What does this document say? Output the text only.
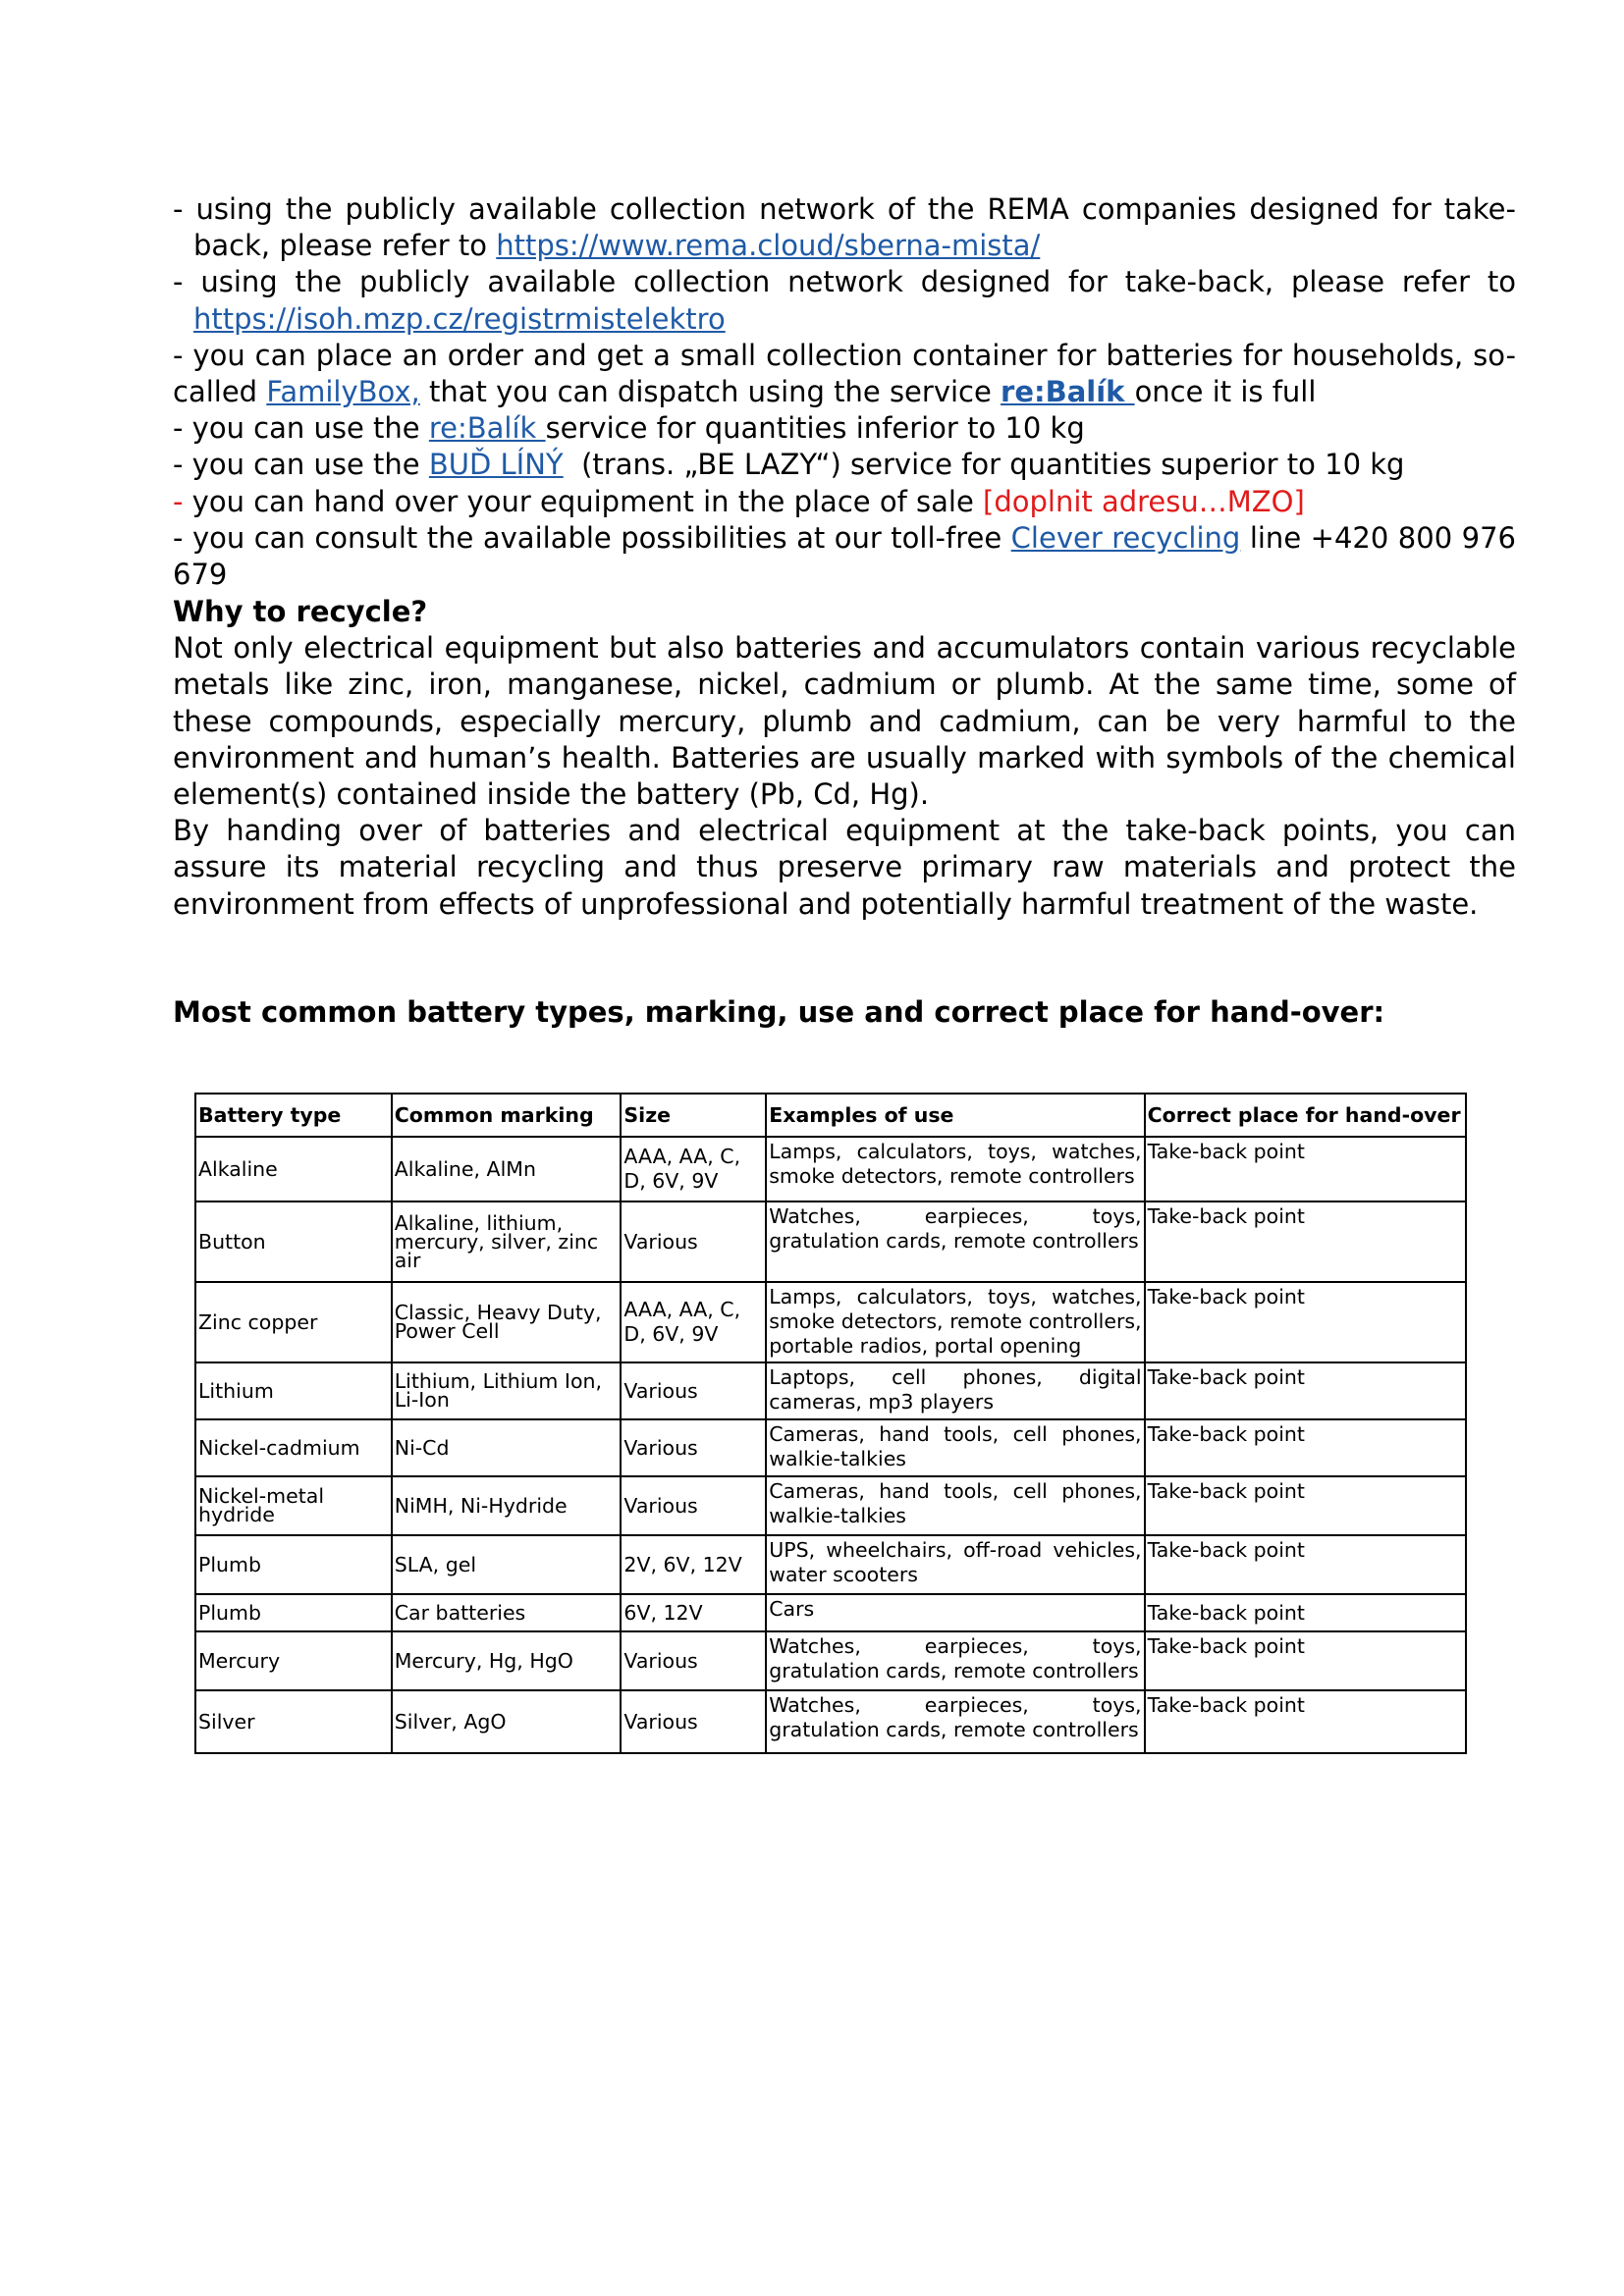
- using the publicly available collection network of the REMA companies designed for take-back, please refer to https://www.rema.cloud/sberna-mista/
- using the publicly available collection network designed for take-back, please refer to https://isoh.mzp.cz/registrmistelektro
- you can place an order and get a small collection container for batteries for households, so-called FamilyBox, that you can dispatch using the service re:Balík once it is full
- you can use the re:Balík service for quantities inferior to 10 kg
- you can use the BUĎ LÍNÝ  (trans. „BE LAZY“) service for quantities superior to 10 kg
- you can hand over your equipment in the place of sale [doplnit adresu…MZO]
- you can consult the available possibilities at our toll-free Clever recycling line +420 800 976 679
Why to recycle?

Not only electrical equipment but also batteries and accumulators contain various recyclable metals like zinc, iron, manganese, nickel, cadmium or plumb. At the same time, some of these compounds, especially mercury, plumb and cadmium, can be very harmful to the environment and human’s health. Batteries are usually marked with symbols of the chemical element(s) contained inside the battery (Pb, Cd, Hg).

By handing over of batteries and electrical equipment at the take-back points, you can assure its material recycling and thus preserve primary raw materials and protect the environment from effects of unprofessional and potentially harmful treatment of the waste.

Most common battery types, marking, use and correct place for hand-over:
Battery type	Common marking	Size	Examples of use	Correct place for hand-over
Alkaline	Alkaline, AlMn	AAA, AA, C, D, 6V, 9V	Lamps, calculators, toys, watches, smoke detectors, remote controllers	Take-back point
Button	Alkaline, lithium, mercury, silver, zinc air	Various	Watches, earpieces, toys, gratulation cards, remote controllers	Take-back point
Zinc copper	Classic, Heavy Duty, Power Cell	AAA, AA, C, D, 6V, 9V	Lamps, calculators, toys, watches, smoke detectors, remote controllers, portable radios, portal opening	Take-back point
Lithium	Lithium, Lithium Ion, Li-Ion	Various	Laptops, cell phones, digital cameras, mp3 players	Take-back point
Nickel-cadmium	Ni-Cd	Various	Cameras, hand tools, cell phones, walkie-talkies	Take-back point
Nickel-metal hydride	NiMH, Ni-Hydride	Various	Cameras, hand tools, cell phones, walkie-talkies	Take-back point
Plumb	SLA, gel	2V, 6V, 12V	UPS, wheelchairs, off-road vehicles, water scooters	Take-back point
Plumb	Car batteries	6V, 12V	Cars	Take-back point
Mercury	Mercury, Hg, HgO	Various	Watches, earpieces, toys, gratulation cards, remote controllers	Take-back point
Silver	Silver, AgO	Various	Watches, earpieces, toys, gratulation cards, remote controllers	Take-back point
